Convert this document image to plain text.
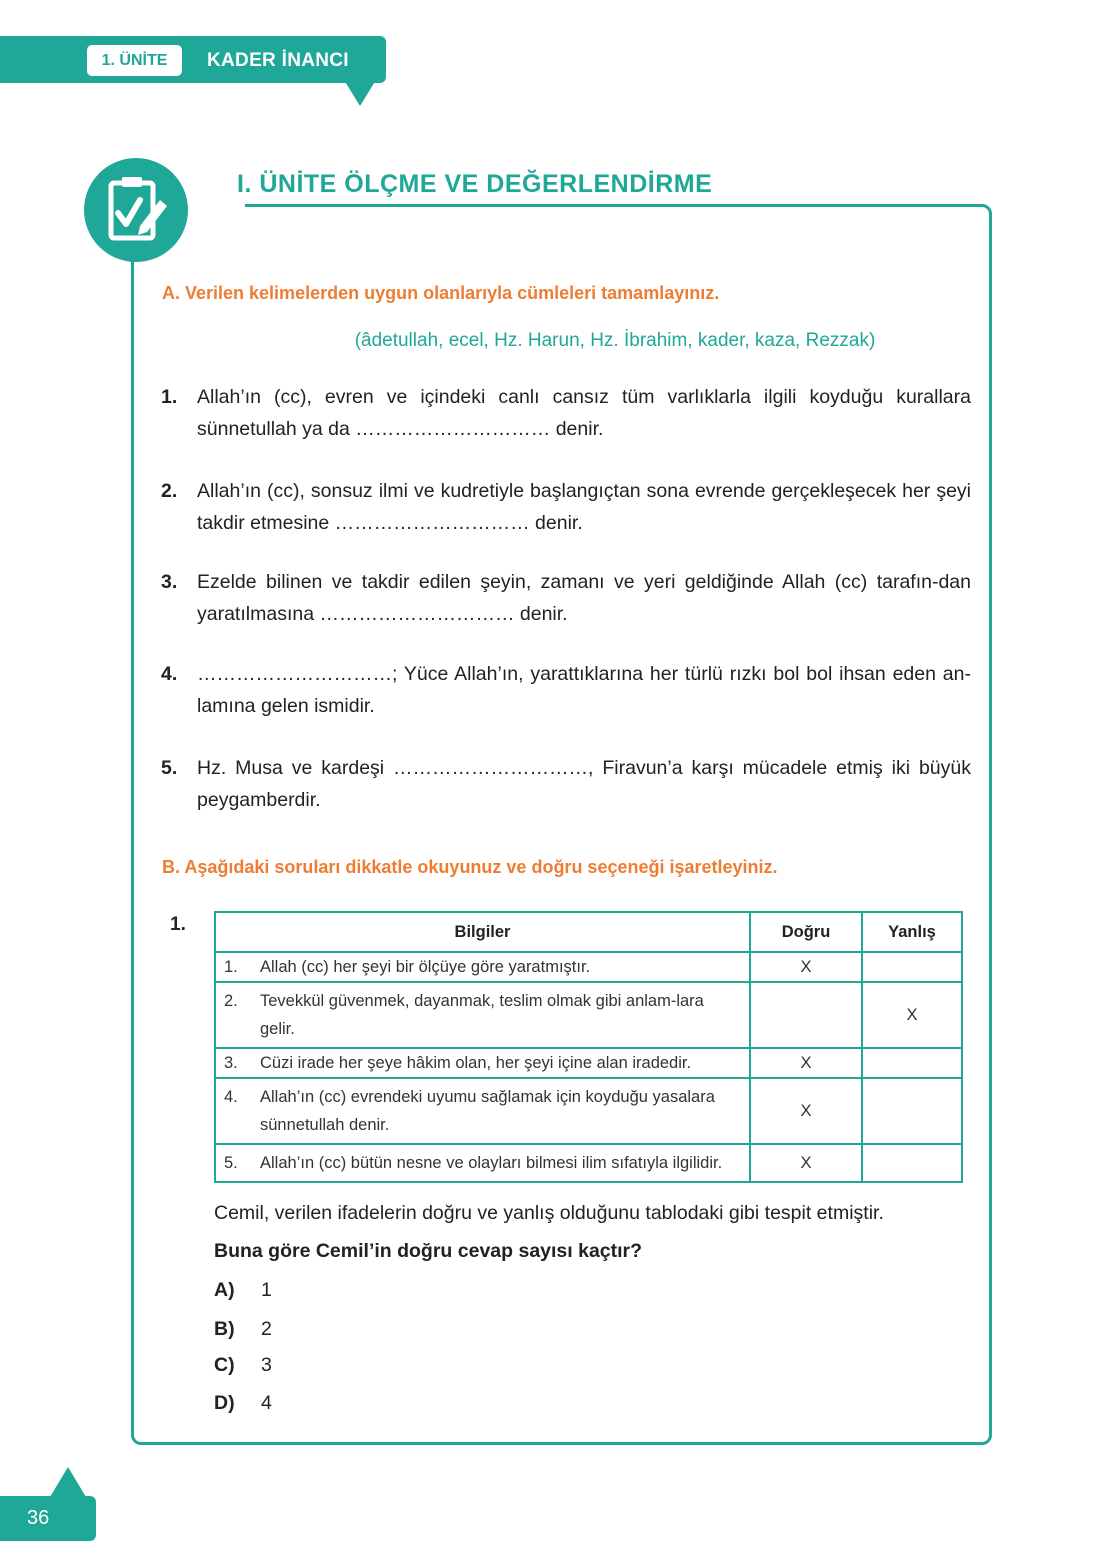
1. ÜNİTE	KADER İNANCI
I. ÜNİTE ÖLÇME VE DEĞERLENDİRME
A. Verilen kelimelerden uygun olanlarıyla cümleleri tamamlayınız.
(âdetullah, ecel, Hz. Harun, Hz. İbrahim, kader, kaza, Rezzak)
1. Allah’ın (cc), evren ve içindeki canlı cansız tüm varlıklarla ilgili koyduğu kurallara sünnetullah ya da ………………………… denir.
2. Allah’ın (cc), sonsuz ilmi ve kudretiyle başlangıçtan sona evrende gerçekleşecek her şeyi takdir etmesine ………………………… denir.
3. Ezelde bilinen ve takdir edilen şeyin, zamanı ve yeri geldiğinde Allah (cc) tarafın-dan yaratılmasına ………………………… denir.
4. …………………………; Yüce Allah’ın, yarattıklarına her türlü rızkı bol bol ihsan eden an-lamına gelen ismidir.
5. Hz. Musa ve kardeşi …………………………, Firavun’a karşı mücadele etmiş iki büyük peygamberdir.
B. Aşağıdaki soruları dikkatle okuyunuz ve doğru seçeneği işaretleyiniz.
1.	Bilgiler	Doğru	Yanlış

1. Allah (cc) her şeyi bir ölçüye göre yaratmıştır.	X	

2. Tevekkül güvenmek, dayanmak, teslim olmak gibi anlam-lara gelir.		X

3. Cüzi irade her şeye hâkim olan, her şeyi içine alan iradedir.	X	

4. Allah’ın (cc) evrendeki uyumu sağlamak için koyduğu yasalara sünnetullah denir.	X	

5. Allah’ın (cc) bütün nesne ve olayları bilmesi ilim sıfatıyla ilgilidir.	X	
Cemil, verilen ifadelerin doğru ve yanlış olduğunu tablodaki gibi tespit etmiştir.
Buna göre Cemil’in doğru cevap sayısı kaçtır?
A) 1
B) 2
C) 3
D) 4
36
